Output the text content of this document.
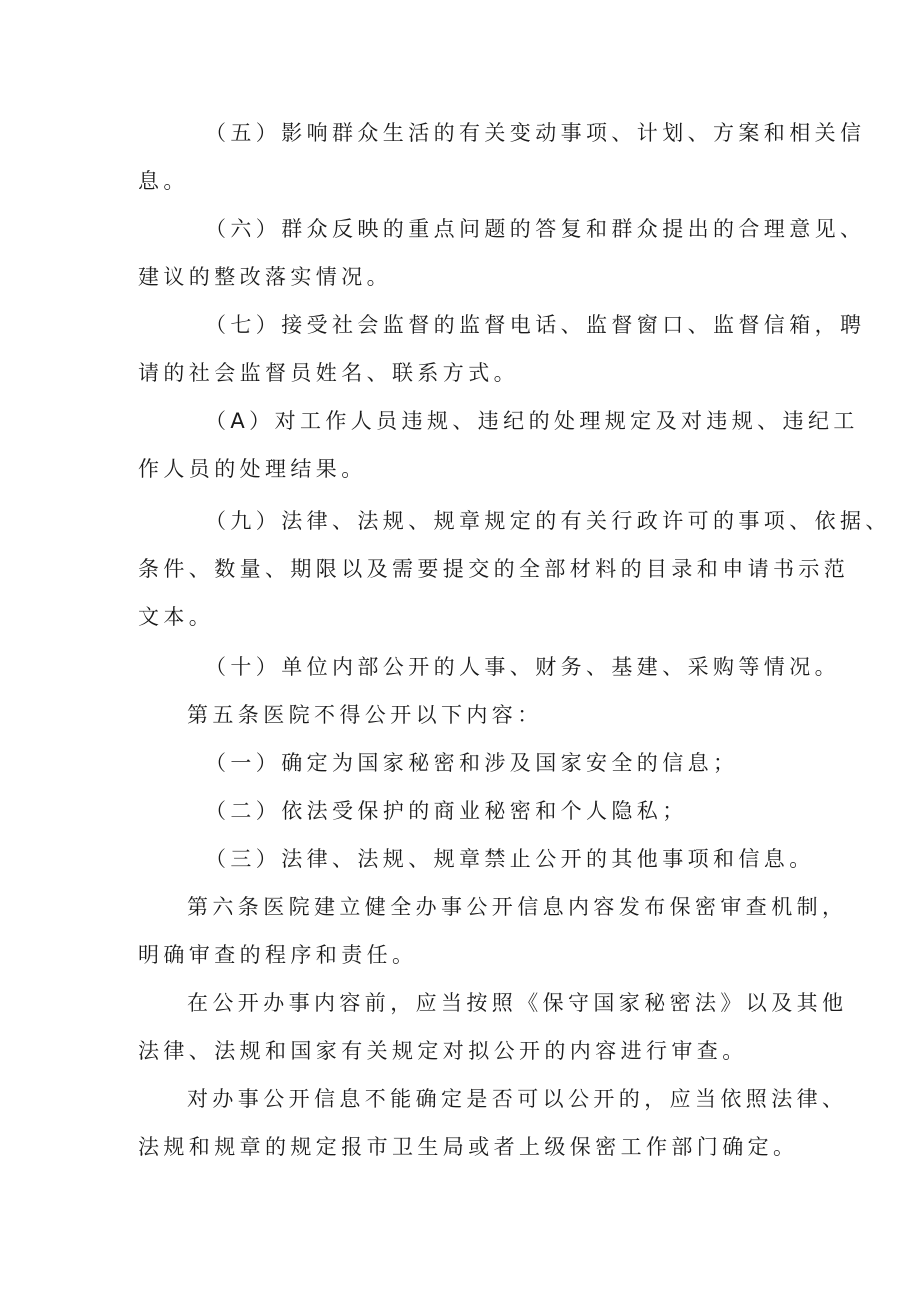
（五）影响群众生活的有关变动事项、计划、方案和相关信
息。
（六）群众反映的重点问题的答复和群众提出的合理意见、
建议的整改落实情况。
（七）接受社会监督的监督电话、监督窗口、监督信箱，聘
请的社会监督员姓名、联系方式。
（A）对工作人员违规、违纪的处理规定及对违规、违纪工
作人员的处理结果。
（九）法律、法规、规章规定的有关行政许可的事项、依据、
条件、数量、期限以及需要提交的全部材料的目录和申请书示范
文本。
（十）单位内部公开的人事、财务、基建、采购等情况。
第五条医院不得公开以下内容：
（一）确定为国家秘密和涉及国家安全的信息；
（二）依法受保护的商业秘密和个人隐私；
（三）法律、法规、规章禁止公开的其他事项和信息。
第六条医院建立健全办事公开信息内容发布保密审查机制，
明确审查的程序和责任。
在公开办事内容前，应当按照《保守国家秘密法》以及其他
法律、法规和国家有关规定对拟公开的内容进行审查。
对办事公开信息不能确定是否可以公开的，应当依照法律、
法规和规章的规定报市卫生局或者上级保密工作部门确定。
